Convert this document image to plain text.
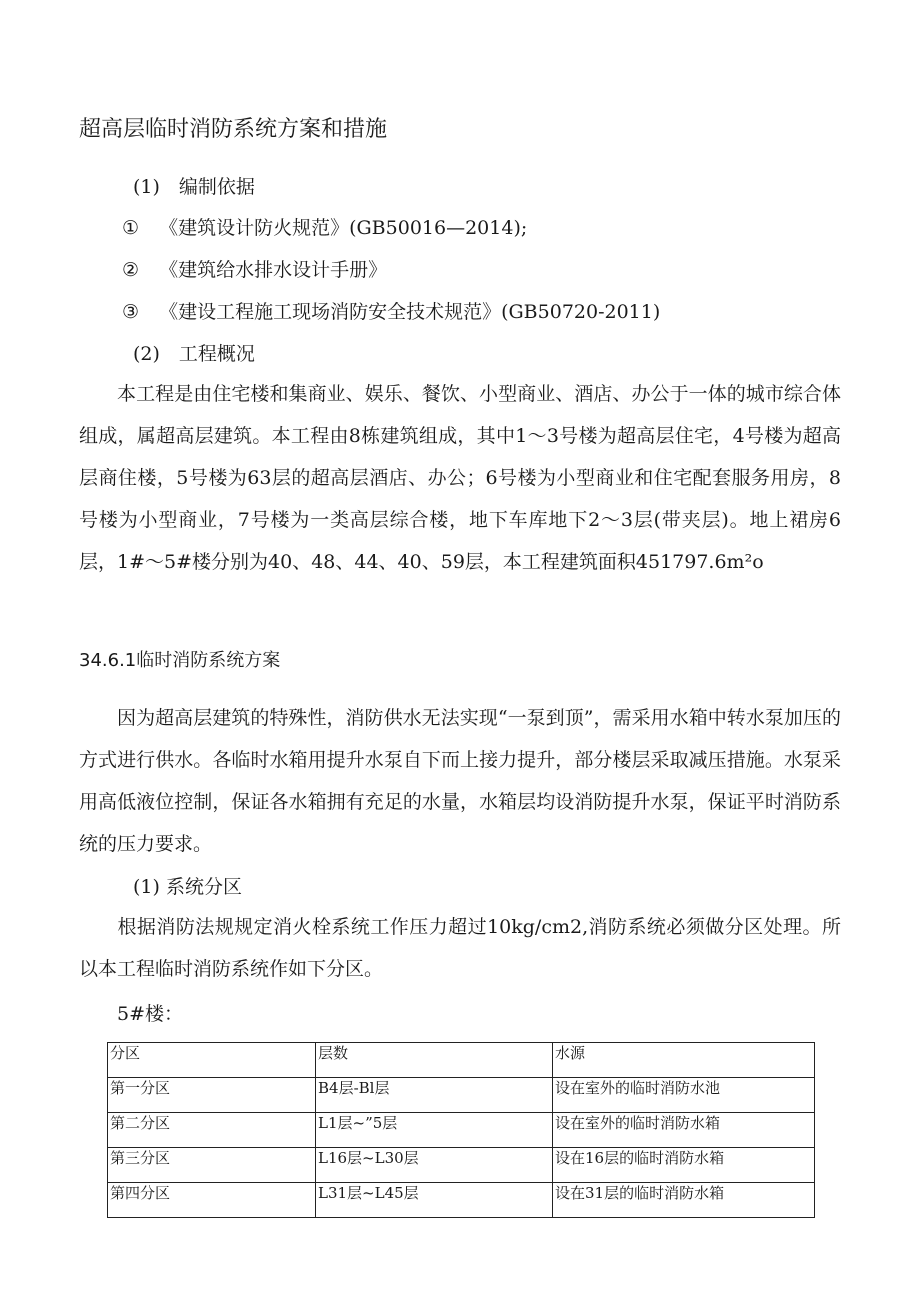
超高层临时消防系统方案和措施
(1)　编制依据
① 《建筑设计防火规范》(GB50016—2014);
② 《建筑给水排水设计手册》
③ 《建设工程施工现场消防安全技术规范》(GB50720-2011)
(2)　工程概况
本工程是由住宅楼和集商业、娱乐、餐饮、小型商业、酒店、办公于一体的城市综合体组成，属超高层建筑。本工程由8栋建筑组成，其中1～3号楼为超高层住宅，4号楼为超高层商住楼，5号楼为63层的超高层酒店、办公；6号楼为小型商业和住宅配套服务用房，8号楼为小型商业，7号楼为一类高层综合楼，地下车库地下2～3层(带夹层)。地上裙房6层，1#～5#楼分别为40、48、44、40、59层，本工程建筑面积451797.6m²o
34.6.1临时消防系统方案
因为超高层建筑的特殊性，消防供水无法实现“一泵到顶”，需采用水箱中转水泵加压的方式进行供水。各临时水箱用提升水泵自下而上接力提升，部分楼层采取减压措施。水泵采用高低液位控制，保证各水箱拥有充足的水量，水箱层均设消防提升水泵，保证平时消防系统的压力要求。
(1) 系统分区
根据消防法规规定消火栓系统工作压力超过10kg/cm2,消防系统必须做分区处理。所以本工程临时消防系统作如下分区。
5#楼：
分区	层数	水源
第一分区	B4层-Bl层	设在室外的临时消防水池
第二分区	L1层~”5层	设在室外的临时消防水箱
第三分区	L16层~L30层	设在16层的临时消防水箱
第四分区	L31层~L45层	设在31层的临时消防水箱
